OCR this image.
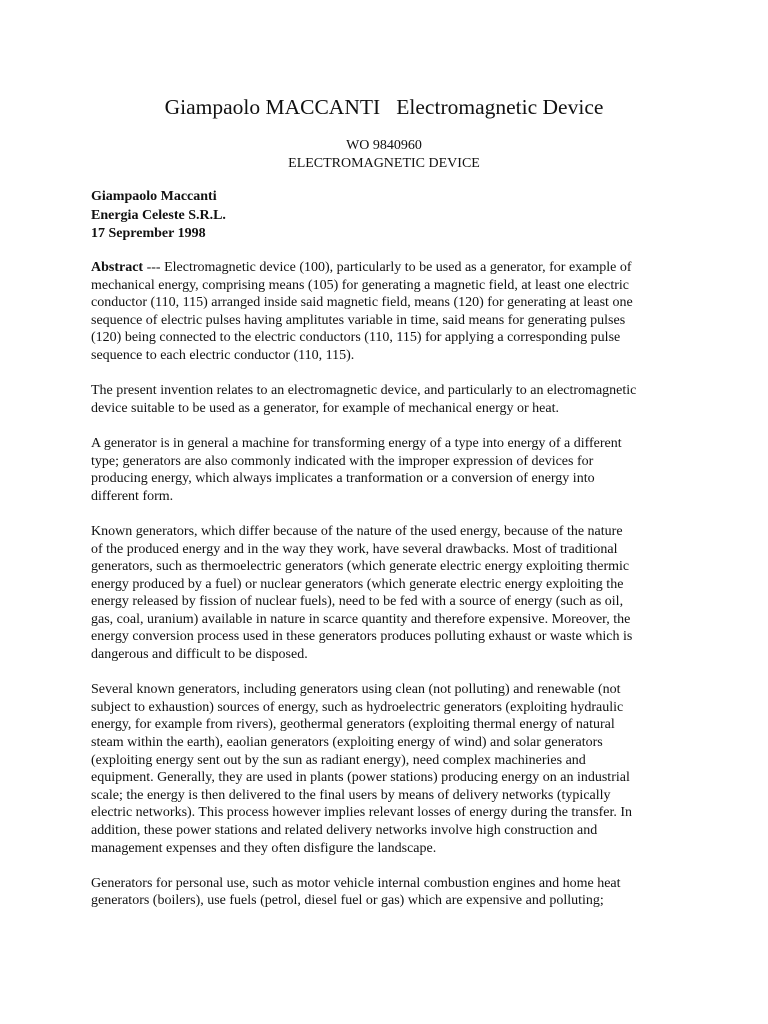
Giampaolo MACCANTI   Electromagnetic Device
WO 9840960
ELECTROMAGNETIC DEVICE
Giampaolo Maccanti
Energia Celeste S.R.L.
17 Seprember 1998

Abstract --- Electromagnetic device (100), particularly to be used as a generator, for example of
mechanical energy, comprising means (105) for generating a magnetic field, at least one electric
conductor (110, 115) arranged inside said magnetic field, means (120) for generating at least one
sequence of electric pulses having amplitutes variable in time, said means for generating pulses
(120) being connected to the electric conductors (110, 115) for applying a corresponding pulse
sequence to each electric conductor (110, 115).

The present invention relates to an electromagnetic device, and particularly to an electromagnetic
device suitable to be used as a generator, for example of mechanical energy or heat.

A generator is in general a machine for transforming energy of a type into energy of a different
type; generators are also commonly indicated with the improper expression of devices for
producing energy, which always implicates a tranformation or a conversion of energy into
different form.

Known generators, which differ because of the nature of the used energy, because of the nature
of the produced energy and in the way they work, have several drawbacks. Most of traditional
generators, such as thermoelectric generators (which generate electric energy exploiting thermic
energy produced by a fuel) or nuclear generators (which generate electric energy exploiting the
energy released by fission of nuclear fuels), need to be fed with a source of energy (such as oil,
gas, coal, uranium) available in nature in scarce quantity and therefore expensive. Moreover, the
energy conversion process used in these generators produces polluting exhaust or waste which is
dangerous and difficult to be disposed.

Several known generators, including generators using clean (not polluting) and renewable (not
subject to exhaustion) sources of energy, such as hydroelectric generators (exploiting hydraulic
energy, for example from rivers), geothermal generators (exploiting thermal energy of natural
steam within the earth), eaolian generators (exploiting energy of wind) and solar generators
(exploiting energy sent out by the sun as radiant energy), need complex machineries and
equipment. Generally, they are used in plants (power stations) producing energy on an industrial
scale; the energy is then delivered to the final users by means of delivery networks (typically
electric networks). This process however implies relevant losses of energy during the transfer. In
addition, these power stations and related delivery networks involve high construction and
management expenses and they often disfigure the landscape.

Generators for personal use, such as motor vehicle internal combustion engines and home heat
generators (boilers), use fuels (petrol, diesel fuel or gas) which are expensive and polluting;
